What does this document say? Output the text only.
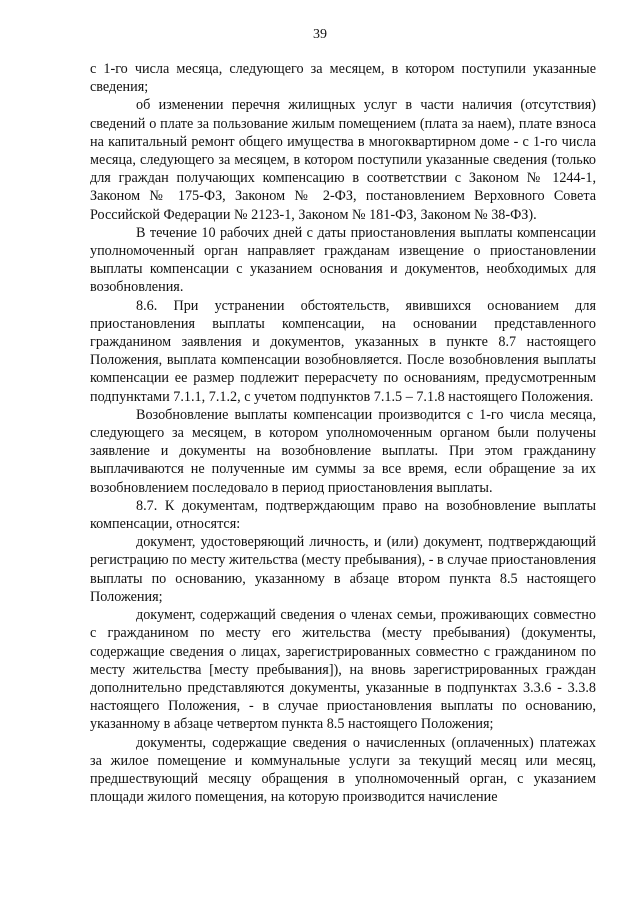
39

с 1-го числа месяца, следующего за месяцем, в котором поступили указанные сведения;

об изменении перечня жилищных услуг в части наличия (отсутствия) сведений о плате за пользование жилым помещением (плата за наем), плате взноса на капитальный ремонт общего имущества в многоквартирном доме - с 1-го числа месяца, следующего за месяцем, в котором поступили указанные сведения (только для граждан получающих компенсацию в соответствии с Законом № 1244-1, Законом № 175-ФЗ, Законом № 2-ФЗ, постановлением Верховного Совета Российской Федерации № 2123-1, Законом № 181-ФЗ, Законом № 38-ФЗ).

В течение 10 рабочих дней с даты приостановления выплаты компенсации уполномоченный орган направляет гражданам извещение о приостановлении выплаты компенсации с указанием основания и документов, необходимых для возобновления.

8.6. При устранении обстоятельств, явившихся основанием для приостановления выплаты компенсации, на основании представленного гражданином заявления и документов, указанных в пункте 8.7 настоящего Положения, выплата компенсации возобновляется. После возобновления выплаты компенсации ее размер подлежит перерасчету по основаниям, предусмотренным подпунктами 7.1.1, 7.1.2, с учетом подпунктов 7.1.5 – 7.1.8 настоящего Положения.

Возобновление выплаты компенсации производится с 1-го числа месяца, следующего за месяцем, в котором уполномоченным органом были получены заявление и документы на возобновление выплаты. При этом гражданину выплачиваются не полученные им суммы за все время, если обращение за их возобновлением последовало в период приостановления выплаты.

8.7. К документам, подтверждающим право на возобновление выплаты компенсации, относятся:

документ, удостоверяющий личность, и (или) документ, подтверждающий регистрацию по месту жительства (месту пребывания), - в случае приостановления выплаты по основанию, указанному в абзаце втором пункта 8.5 настоящего Положения;

документ, содержащий сведения о членах семьи, проживающих совместно с гражданином по месту его жительства (месту пребывания) (документы, содержащие сведения о лицах, зарегистрированных совместно с гражданином по месту жительства [месту пребывания]), на вновь зарегистрированных граждан дополнительно представляются документы, указанные в подпунктах 3.3.6 - 3.3.8 настоящего Положения, - в случае приостановления выплаты по основанию, указанному в абзаце четвертом пункта 8.5 настоящего Положения;

документы, содержащие сведения о начисленных (оплаченных) платежах за жилое помещение и коммунальные услуги за текущий месяц или месяц, предшествующий месяцу обращения в уполномоченный орган, с указанием площади жилого помещения, на которую производится начисление
